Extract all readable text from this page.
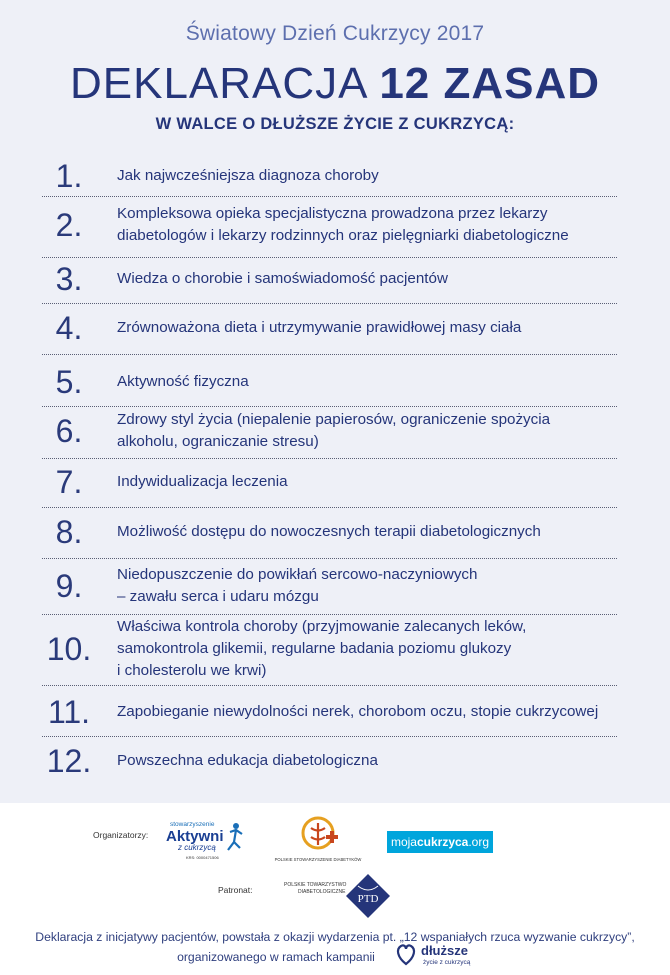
Światowy Dzień Cukrzycy 2017
DEKLARACJA 12 ZASAD
W WALCE O DŁUŻSZE ŻYCIE Z CUKRZYCĄ:
1.	Jak najwcześniejsza diagnoza choroby
2.	Kompleksowa opieka specjalistyczna prowadzona przez lekarzy
diabetologów i lekarzy rodzinnych oraz pielęgniarki diabetologiczne
3.	Wiedza o chorobie i samoświadomość pacjentów
4.	Zrównoważona dieta i utrzymywanie prawidłowej masy ciała
5.	Aktywność fizyczna
6.	Zdrowy styl życia (niepalenie papierosów, ograniczenie spożycia
alkoholu, ograniczanie stresu)
7.	Indywidualizacja leczenia
8.	Możliwość dostępu do nowoczesnych terapii diabetologicznych
9.	Niedopuszczenie do powikłań sercowo-naczyniowych
– zawału serca i udaru mózgu
10.
Właściwa kontrola choroby (przyjmowanie zalecanych leków,
samokontrola glikemii, regularne badania poziomu glukozy
i cholesterolu we krwi)
11.	Zapobieganie niewydolności nerek, chorobom oczu, stopie cukrzycowej
12.	Powszechna edukacja diabetologiczna
Organizatorzy:
stowarzyszenie
Aktywni
z cukrzycą
KRS: 0000471506	POLSKIE STOWARZYSZENIE DIABETYKÓW
mojacukrzyca.org
Patronat:	POLSKIE TOWARZYSTWO
DIABETOLOGICZNE
PTD
Deklaracja z inicjatywy pacjentów, powstała z okazji wydarzenia pt. „12 wspaniałych rzuca wyzwanie cukrzycy”,
organizowanego w ramach kampanii	dłuższe
życie z cukrzycą
